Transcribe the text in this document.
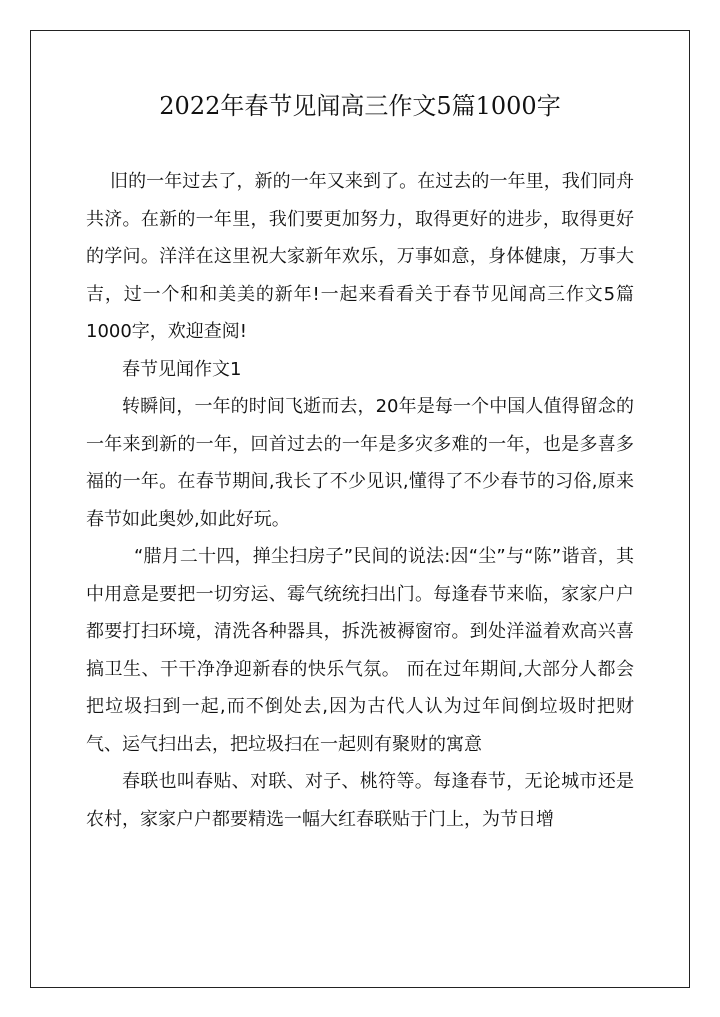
2022年春节见闻高三作文5篇1000字

旧的一年过去了，新的一年又来到了。在过去的一年里，我们同舟共济。在新的一年里，我们要更加努力，取得更好的进步，取得更好的学问。洋洋在这里祝大家新年欢乐，万事如意，身体健康，万事大吉，过一个和和美美的新年!一起来看看关于春节见闻高三作文5篇1000字，欢迎查阅!

春节见闻作文1

转瞬间，一年的时间飞逝而去，20年是每一个中国人值得留念的一年来到新的一年，回首过去的一年是多灾多难的一年，也是多喜多福的一年。在春节期间,我长了不少见识,懂得了不少春节的习俗,原来春节如此奥妙,如此好玩。

“腊月二十四，掸尘扫房子”民间的说法:因“尘”与“陈”谐音，其中用意是要把一切穷运、霉气统统扫出门。每逢春节来临，家家户户都要打扫环境，清洗各种器具，拆洗被褥窗帘。到处洋溢着欢高兴喜搞卫生、干干净净迎新春的快乐气氛。 而在过年期间,大部分人都会把垃圾扫到一起,而不倒处去,因为古代人认为过年间倒垃圾时把财气、运气扫出去，把垃圾扫在一起则有聚财的寓意

春联也叫春贴、对联、对子、桃符等。每逢春节，无论城市还是农村，家家户户都要精选一幅大红春联贴于门上，为节日增
